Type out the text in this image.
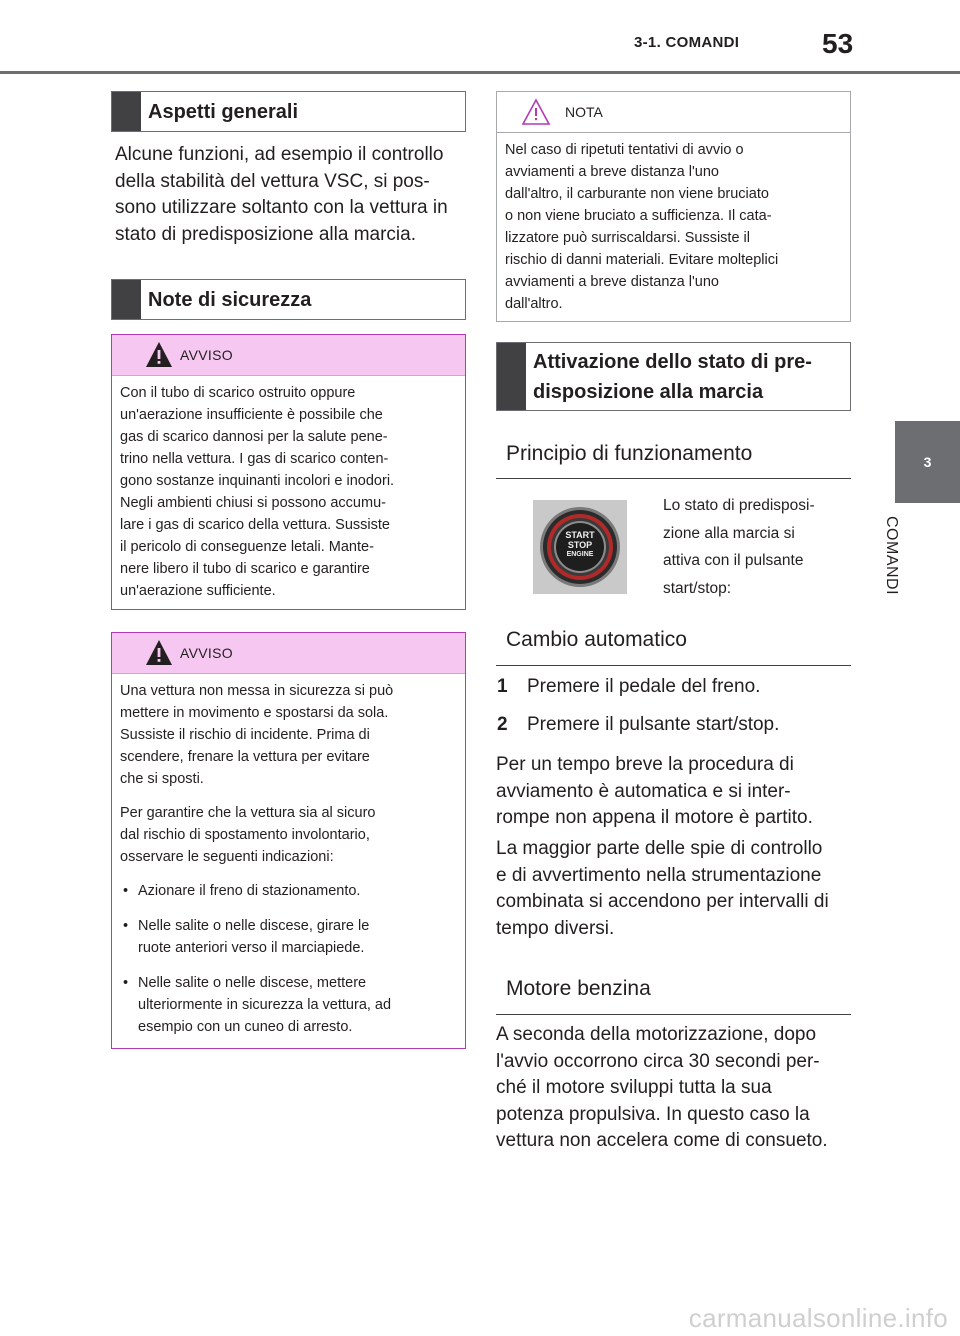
3-1. COMANDI	53
3
COMANDI
Aspetti generali
Alcune funzioni, ad esempio il controllo
della stabilità del vettura VSC, si pos-
sono utilizzare soltanto con la vettura in
stato di predisposizione alla marcia.
Note di sicurezza
AVVISO
Con il tubo di scarico ostruito oppure
un'aerazione insufficiente è possibile che
gas di scarico dannosi per la salute pene-
trino nella vettura. I gas di scarico conten-
gono sostanze inquinanti incolori e inodori.
Negli ambienti chiusi si possono accumu-
lare i gas di scarico della vettura. Sussiste
il pericolo di conseguenze letali. Mante-
nere libero il tubo di scarico e garantire
un'aerazione sufficiente.
AVVISO

Una vettura non messa in sicurezza si può
mettere in movimento e spostarsi da sola.
Sussiste il rischio di incidente. Prima di
scendere, frenare la vettura per evitare
che si sposti.

Per garantire che la vettura sia al sicuro
dal rischio di spostamento involontario,
osservare le seguenti indicazioni:

• Azionare il freno di stazionamento.
• Nelle salite o nelle discese, girare le
ruote anteriori verso il marciapiede.
• Nelle salite o nelle discese, mettere
ulteriormente in sicurezza la vettura, ad
esempio con un cuneo di arresto.
NOTA
Nel caso di ripetuti tentativi di avvio o
avviamenti a breve distanza l'uno
dall'altro, il carburante non viene bruciato
o non viene bruciato a sufficienza. Il cata-
lizzatore può surriscaldarsi. Sussiste il
rischio di danni materiali. Evitare molteplici
avviamenti a breve distanza l'uno
dall'altro.
Attivazione dello stato di pre-
disposizione alla marcia
Principio di funzionamento
START
STOP
ENGINE
Lo stato di predisposi-
zione alla marcia si
attiva con il pulsante
start/stop:
Cambio automatico
1 Premere il pedale del freno.
2 Premere il pulsante start/stop.
Per un tempo breve la procedura di
avviamento è automatica e si inter-
rompe non appena il motore è partito.
La maggior parte delle spie di controllo
e di avvertimento nella strumentazione
combinata si accendono per intervalli di
tempo diversi.
Motore benzina
A seconda della motorizzazione, dopo
l'avvio occorrono circa 30 secondi per-
ché il motore sviluppi tutta la sua
potenza propulsiva. In questo caso la
vettura non accelera come di consueto.
carmanualsonline.info
